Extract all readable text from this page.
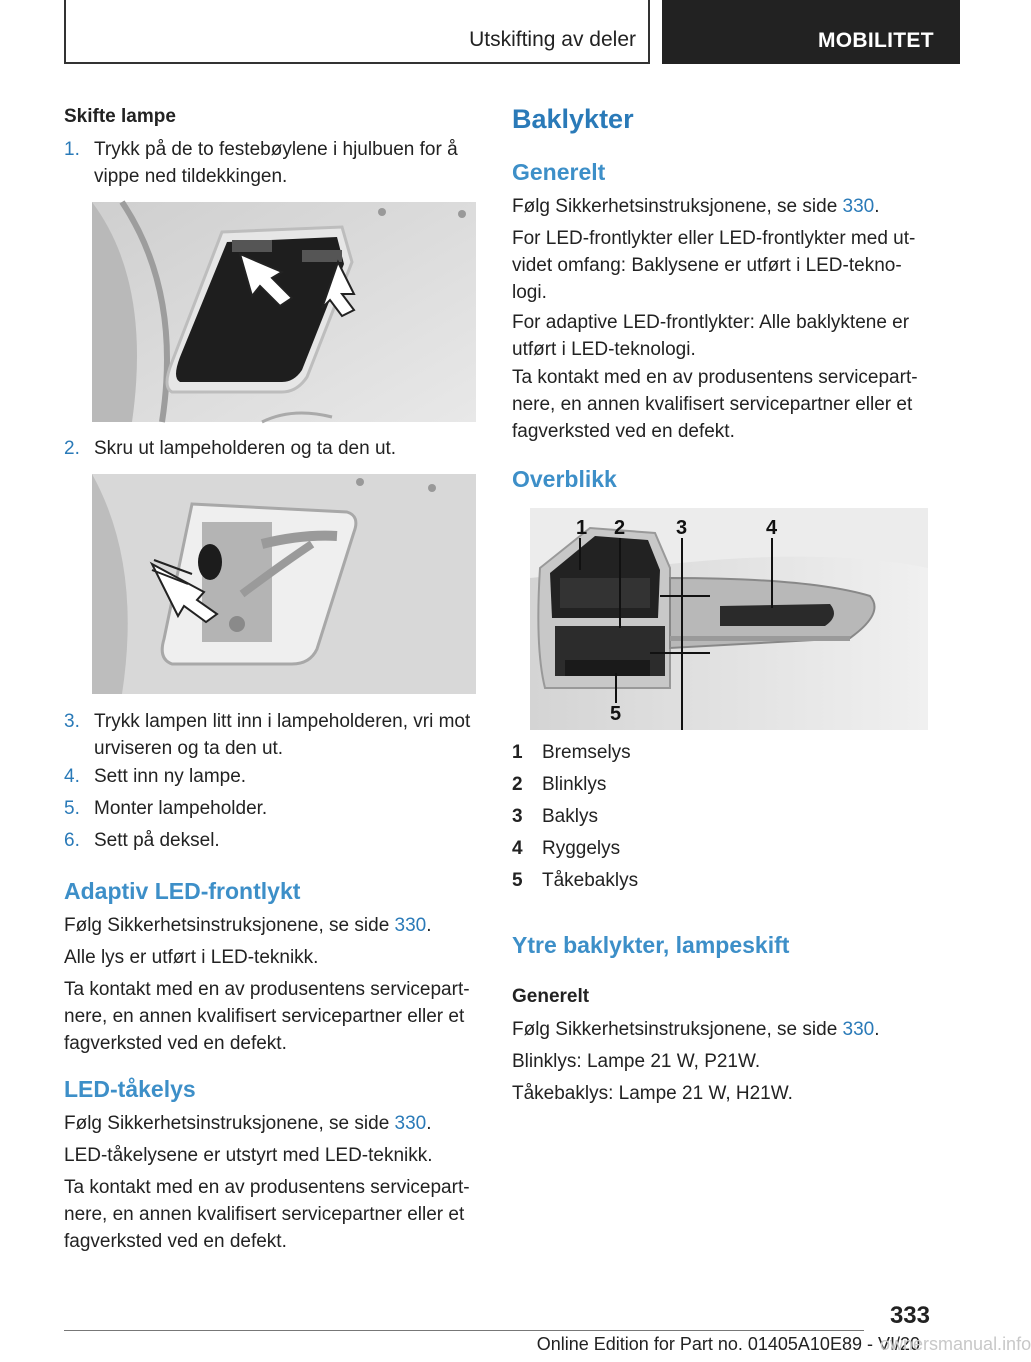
Utskifting av deler	MOBILITET
Skifte lampe
1. Trykk på de to festebøylene i hjulbuen for å vippe ned tildekkingen.
2. Skru ut lampeholderen og ta den ut.
3. Trykk lampen litt inn i lampeholderen, vri mot urviseren og ta den ut.
4. Sett inn ny lampe.
5. Monter lampeholder.
6. Sett på deksel.
Adaptiv LED-frontlykt
Følg Sikkerhetsinstruksjonene, se side 330.
Alle lys er utført i LED-teknikk.
Ta kontakt med en av produsentens servicepart-nere, en annen kvalifisert servicepartner eller et fagverksted ved en defekt.
LED-tåkelys
Følg Sikkerhetsinstruksjonene, se side 330.
LED-tåkelysene er utstyrt med LED-teknikk.
Ta kontakt med en av produsentens servicepart-nere, en annen kvalifisert servicepartner eller et fagverksted ved en defekt.
Baklykter
Generelt
Følg Sikkerhetsinstruksjonene, se side 330.
For LED-frontlykter eller LED-frontlykter med ut-videt omfang: Baklysene er utført i LED-tekno-logi.
For adaptive LED-frontlykter: Alle baklyktene er utført i LED-teknologi.
Ta kontakt med en av produsentens servicepart-nere, en annen kvalifisert servicepartner eller et fagverksted ved en defekt.
Overblikk
1 2	3	4
5
1 Bremselys
2 Blinklys
3 Baklys
4 Ryggelys
5 Tåkebaklys
Ytre baklykter, lampeskift
Generelt
Følg Sikkerhetsinstruksjonene, se side 330.
Blinklys: Lampe 21 W, P21W.
Tåkebaklys: Lampe 21 W, H21W.
333
Online Edition for Part no. 01405A10E89 - VI/20
ownersmanual.info
